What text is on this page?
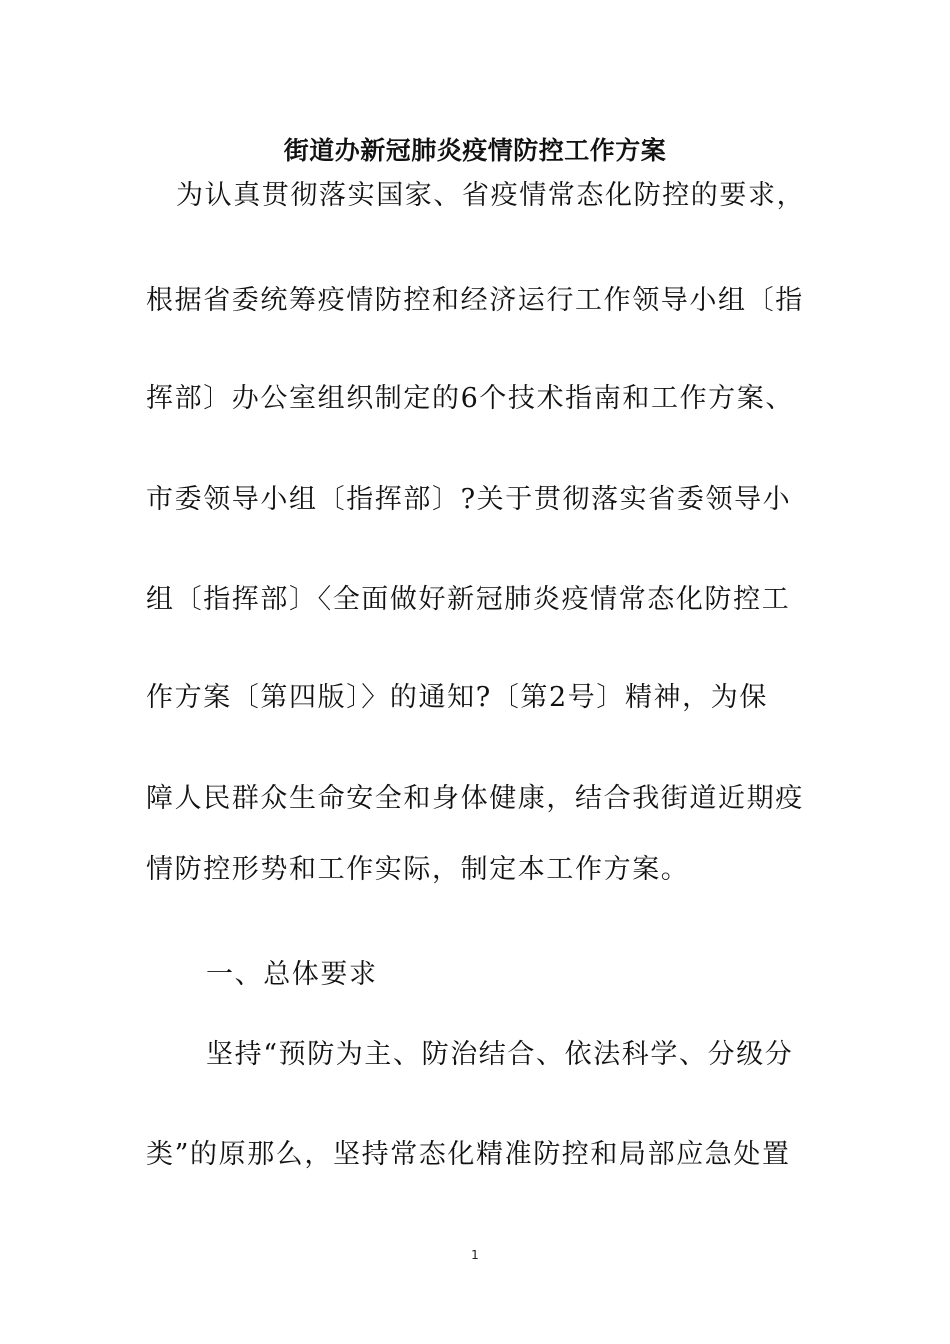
街道办新冠肺炎疫情防控工作方案
为认真贯彻落实国家、省疫情常态化防控的要求，
根据省委统筹疫情防控和经济运行工作领导小组〔指
挥部〕办公室组织制定的6个技术指南和工作方案、
市委领导小组〔指挥部〕?关于贯彻落实省委领导小
组〔指挥部〕〈全面做好新冠肺炎疫情常态化防控工
作方案〔第四版〕〉的通知?〔第2号〕精神，为保
障人民群众生命安全和身体健康，结合我街道近期疫
情防控形势和工作实际，制定本工作方案。
一、总体要求
坚持“预防为主、防治结合、依法科学、分级分
类”的原那么，坚持常态化精准防控和局部应急处置
1
